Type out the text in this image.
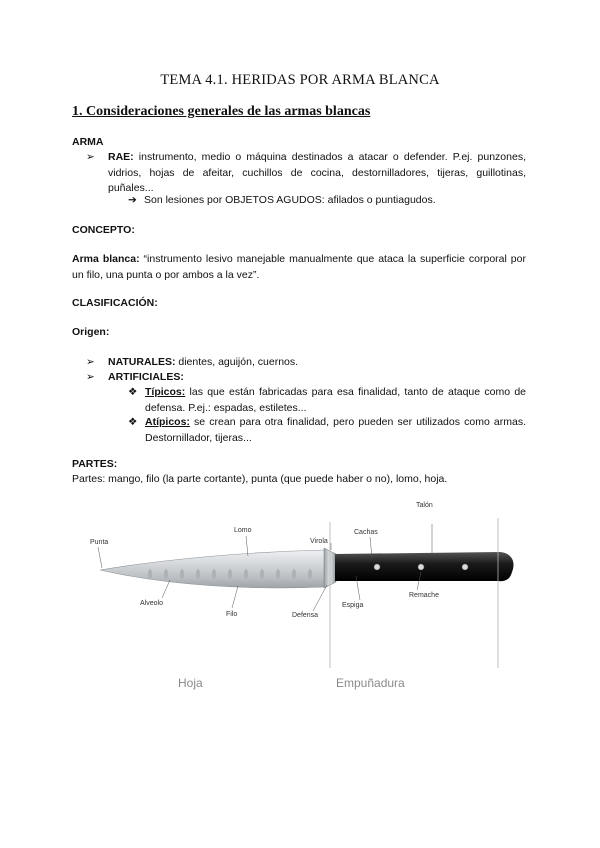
TEMA 4.1. HERIDAS POR ARMA BLANCA
1. Consideraciones generales de las armas blancas
ARMA
➢ RAE: instrumento, medio o máquina destinados a atacar o defender. P.ej. punzones, vidrios, hojas de afeitar, cuchillos de cocina, destornilladores, tijeras, guillotinas, puñales...
➔ Son lesiones por OBJETOS AGUDOS: afilados o puntiagudos.
CONCEPTO:
Arma blanca: “instrumento lesivo manejable manualmente que ataca la superficie corporal por un filo, una punta o por ambos a la vez”.
CLASIFICACIÓN:
Origen:
➢ NATURALES: dientes, aguijón, cuernos.
➢ ARTIFICIALES:
❖ Típicos: las que están fabricadas para esa finalidad, tanto de ataque como de defensa. P.ej.: espadas, estiletes...
❖ Atípicos: se crean para otra finalidad, pero pueden ser utilizados como armas. Destornillador, tijeras...
PARTES:
Partes: mango, filo (la parte cortante), punta (que puede haber o no), lomo, hoja.
Punta
Lomo
Virola
Cachas
Talón
Alveolo
Filo	Defensa
Espiga
Remache
Hoja	Empuñadura
